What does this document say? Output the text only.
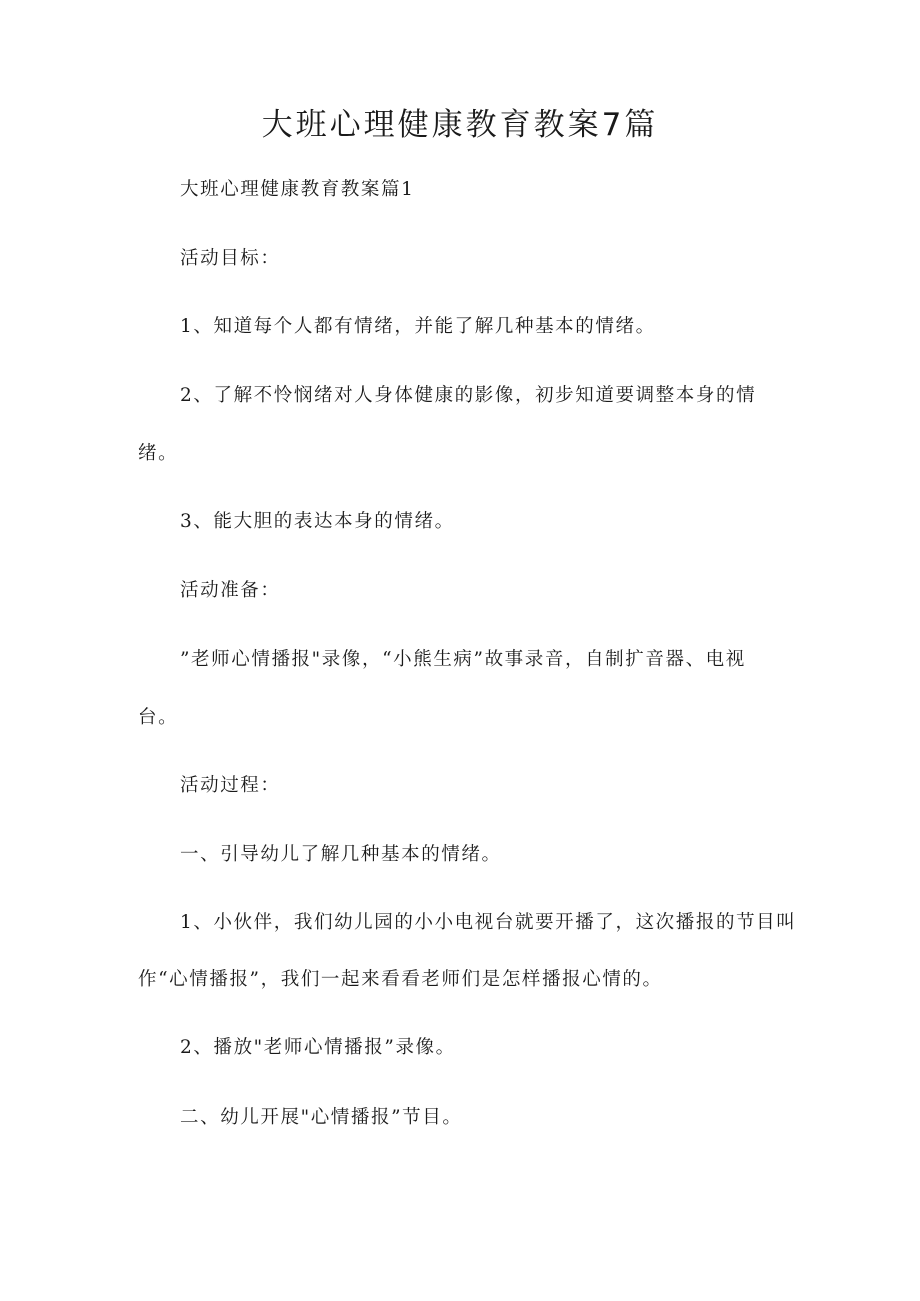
大班心理健康教育教案7篇

大班心理健康教育教案篇1

活动目标：

1、知道每个人都有情绪，并能了解几种基本的情绪。

2、了解不怜悯绪对人身体健康的影像，初步知道要调整本身的情

绪。

3、能大胆的表达本身的情绪。

活动准备：

”老师心情播报"录像，“小熊生病”故事录音，自制扩音器、电视

台。

活动过程：

一、引导幼儿了解几种基本的情绪。

1、小伙伴，我们幼儿园的小小电视台就要开播了，这次播报的节目叫

作“心情播报”，我们一起来看看老师们是怎样播报心情的。

2、播放"老师心情播报”录像。

二、幼儿开展"心情播报”节目。
